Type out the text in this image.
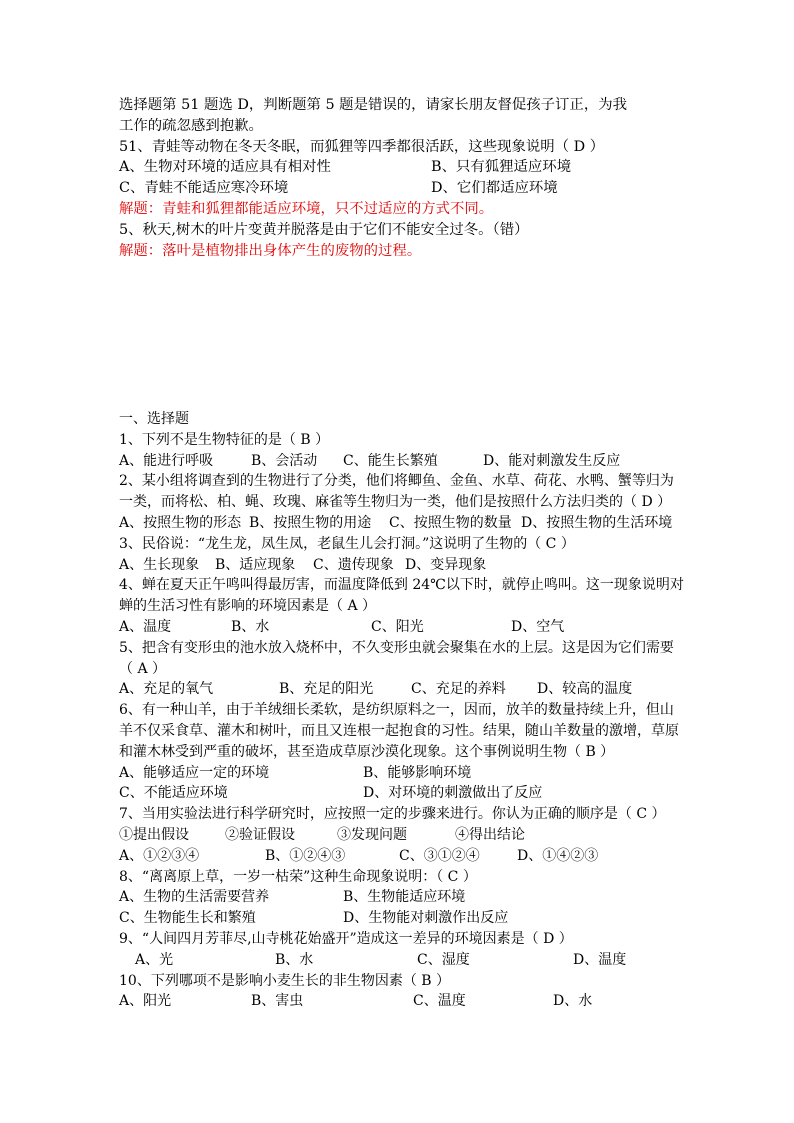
选择题第 51 题选 D，判断题第 5 题是错误的，请家长朋友督促孩子订正，为我
工作的疏忽感到抱歉。
51、青蛙等动物在冬天冬眠，而狐狸等四季都很活跃，这些现象说明（ D ）
A、生物对环境的适应具有相对性	B、只有狐狸适应环境
C、青蛙不能适应寒冷环境	D、它们都适应环境
解题：青蛙和狐狸都能适应环境，只不过适应的方式不同。
5、秋天,树木的叶片变黄并脱落是由于它们不能安全过冬。（错）
解题：落叶是植物排出身体产生的废物的过程。
一、选择题
1、下列不是生物特征的是（ B ）
A、能进行呼吸	B、会活动 C、能生长繁殖	D、能对刺激发生反应
2、某小组将调查到的生物进行了分类，他们将鲫鱼、金鱼、水草、荷花、水鸭、蟹等归为
一类，而将松、柏、蝇、玫瑰、麻雀等生物归为一类，他们是按照什么方法归类的（ D ）
A、按照生物的形态 B、按照生物的用途 C、按照生物的数量 D、按照生物的生活环境
3、民俗说：“龙生龙，凤生凤，老鼠生儿会打洞。”这说明了生物的（ C ）
A、生长现象 B、适应现象 C、遗传现象 D、变异现象
4、蝉在夏天正午鸣叫得最厉害，而温度降低到 24℃以下时，就停止鸣叫。这一现象说明对
蝉的生活习性有影响的环境因素是（ A ）
A、温度	B、水	C、阳光	D、空气
5、把含有变形虫的池水放入烧杯中，不久变形虫就会聚集在水的上层。这是因为它们需要
（ A ）
A、充足的氧气	B、充足的阳光	C、充足的养料 D、较高的温度
6、有一种山羊，由于羊绒细长柔软，是纺织原料之一，因而，放羊的数量持续上升，但山
羊不仅采食草、灌木和树叶，而且又连根一起抱食的习性。结果，随山羊数量的激增，草原
和灌木林受到严重的破坏，甚至造成草原沙漠化现象。这个事例说明生物（ B ）
A、能够适应一定的环境	B、能够影响环境
C、不能适应环境	D、对环境的刺激做出了反应
7、当用实验法进行科学研究时，应按照一定的步骤来进行。你认为正确的顺序是（ C ）
①提出假设	②验证假设	③发现问题	④得出结论
A、①②③④	B、①②④③	C、③①②④	D、①④②③
8、“离离原上草，一岁一枯荣”这种生命现象说明：（ C ）
A、生物的生活需要营养	B、生物能适应环境
C、生物能生长和繁殖	D、生物能对刺激作出反应
9、“人间四月芳菲尽,山寺桃花始盛开”造成这一差异的环境因素是（ D ）
A、光	B、水	C、湿度	D、温度
10、下列哪项不是影响小麦生长的非生物因素（ B ）
A、阳光	B、害虫	C、温度	D、水
